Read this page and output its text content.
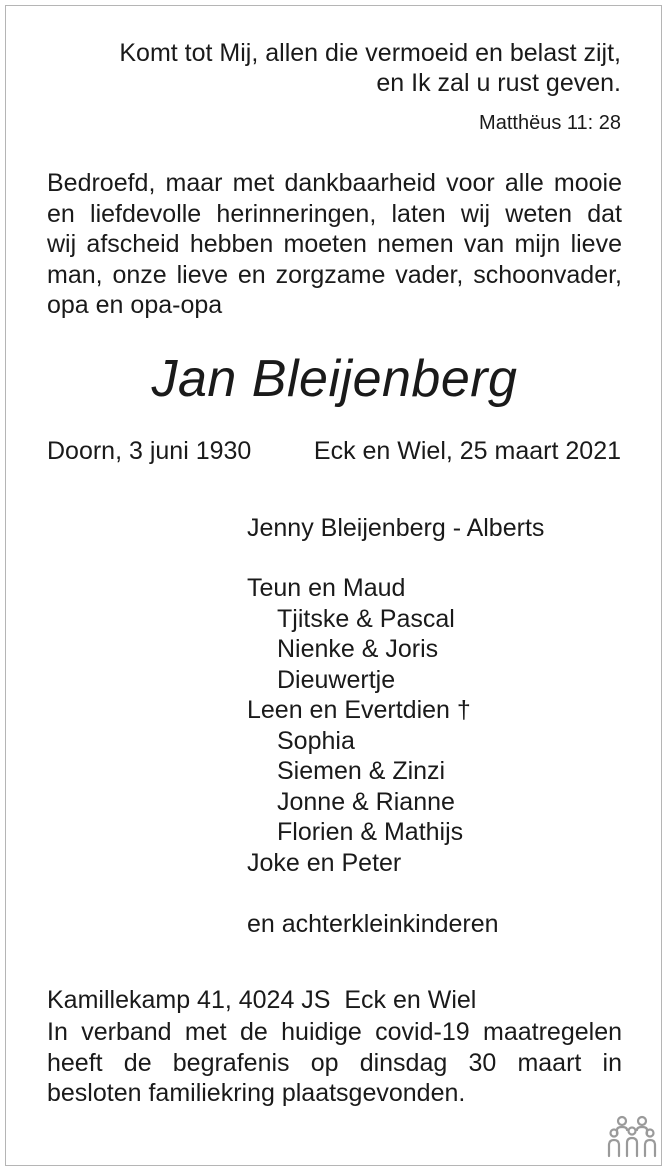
Komt tot Mij, allen die vermoeid en belast zijt,
en Ik zal u rust geven.
Matthëus 11: 28
Bedroefd, maar met dankbaarheid voor alle mooie
en liefdevolle herinneringen, laten wij weten dat
wij afscheid hebben moeten nemen van mijn lieve
man, onze lieve en zorgzame vader, schoonvader,
opa en opa-opa
Jan Bleijenberg
Doorn, 3 juni 1930	Eck en Wiel, 25 maart 2021
Jenny Bleijenberg - Alberts
Teun en Maud
Tjitske & Pascal
Nienke & Joris
Dieuwertje
Leen en Evertdien †
Sophia
Siemen & Zinzi
Jonne & Rianne
Florien & Mathijs
Joke en Peter
en achterkleinkinderen
Kamillekamp 41, 4024 JS  Eck en Wiel
In verband met de huidige covid-19 maatregelen
heeft de begrafenis op dinsdag 30 maart in
besloten familiekring plaatsgevonden.
